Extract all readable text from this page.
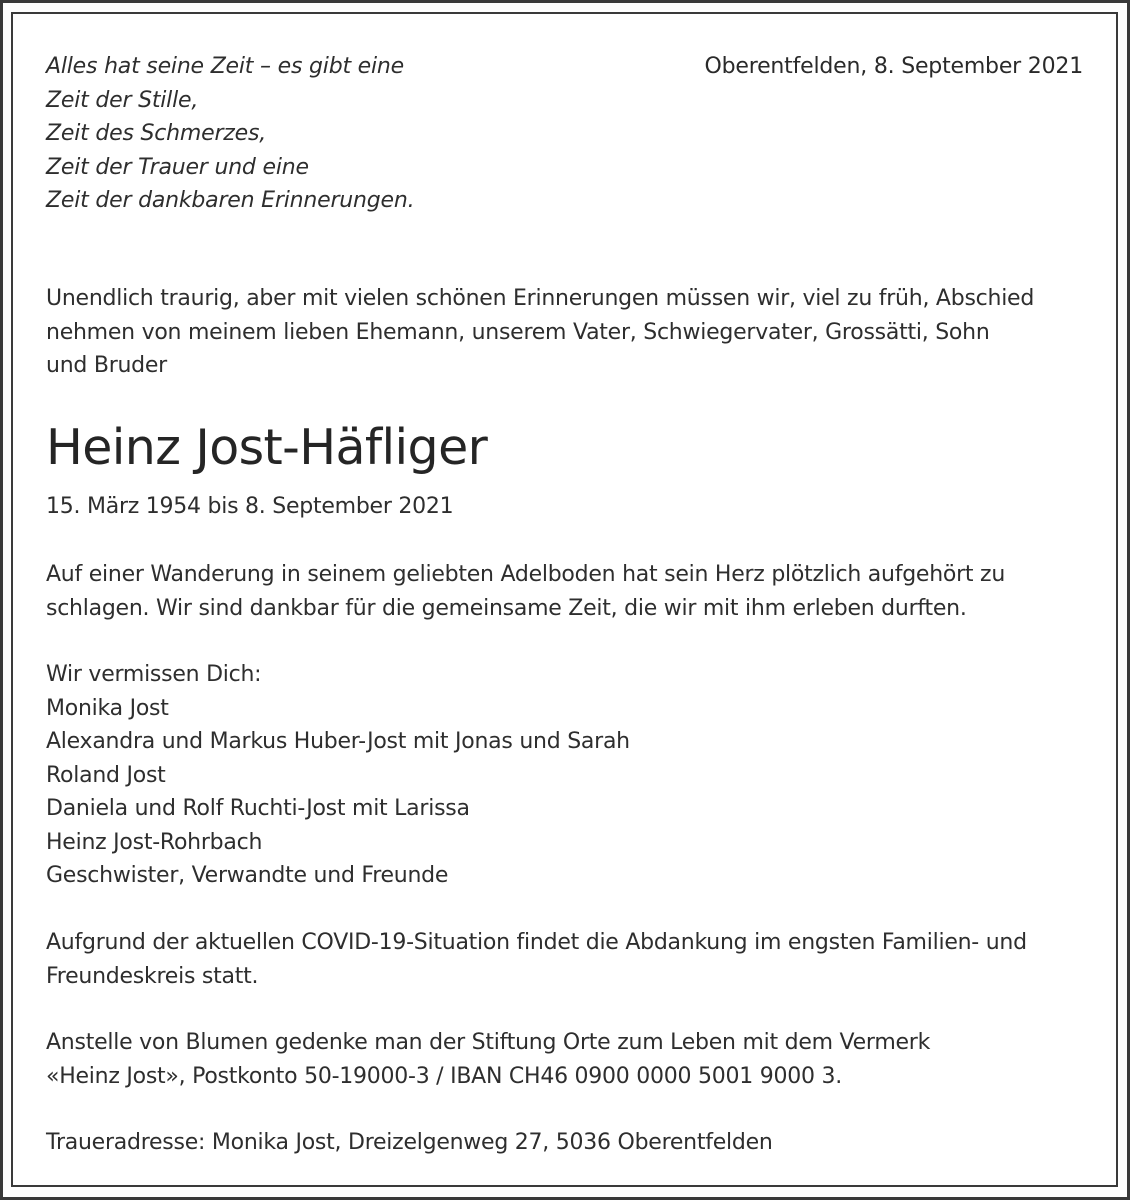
Alles hat seine Zeit – es gibt eine
Zeit der Stille,
Zeit des Schmerzes,
Zeit der Trauer und eine
Zeit der dankbaren Erinnerungen.
Oberentfelden, 8. September 2021
Unendlich traurig, aber mit vielen schönen Erinnerungen müssen wir, viel zu früh, Abschied
nehmen von meinem lieben Ehemann, unserem Vater, Schwiegervater, Grossätti, Sohn
und Bruder
Heinz Jost-Häfliger
15. März 1954 bis 8. September 2021
Auf einer Wanderung in seinem geliebten Adelboden hat sein Herz plötzlich aufgehört zu
schlagen. Wir sind dankbar für die gemeinsame Zeit, die wir mit ihm erleben durften.
Wir vermissen Dich:
Monika Jost
Alexandra und Markus Huber-Jost mit Jonas und Sarah
Roland Jost
Daniela und Rolf Ruchti-Jost mit Larissa
Heinz Jost-Rohrbach
Geschwister, Verwandte und Freunde
Aufgrund der aktuellen COVID-19-Situation findet die Abdankung im engsten Familien- und
Freundeskreis statt.
Anstelle von Blumen gedenke man der Stiftung Orte zum Leben mit dem Vermerk
«Heinz Jost», Postkonto 50-19000-3 / IBAN CH46 0900 0000 5001 9000 3.
Traueradresse: Monika Jost, Dreizelgenweg 27, 5036 Oberentfelden
